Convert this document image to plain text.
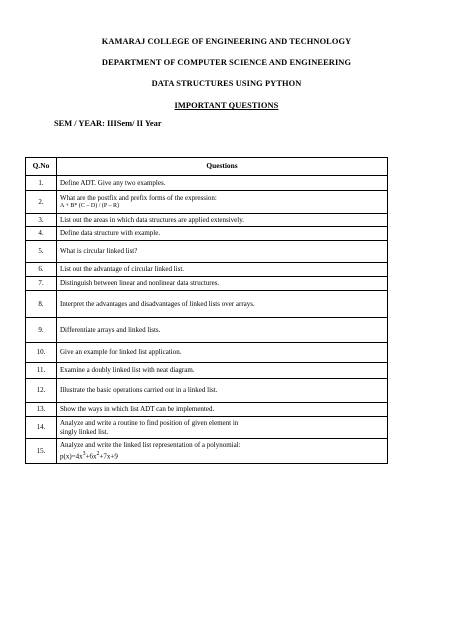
KAMARAJ COLLEGE OF ENGINEERING AND TECHNOLOGY
DEPARTMENT OF COMPUTER SCIENCE AND ENGINEERING
DATA STRUCTURES USING PYTHON
IMPORTANT QUESTIONS
SEM / YEAR: IIISem/ II Year
Q.No	Questions
1.	Define ADT. Give any two examples.
2.	What are the postfix and prefix forms of the expression:
A + B* (C – D) / (P – R)

3.	List out the areas in which data structures are applied extensively.
4.	Define data structure with example.
5.	What is circular linked list?
6.	List out the advantage of circular linked list.
7.	Distinguish between linear and nonlinear data structures.
8.	Interpret the advantages and disadvantages of linked lists over arrays.
9.	Differentiate arrays and linked lists.
10.	Give an example for linked list application.
11.	Examine a doubly linked list with neat diagram.
12.	Illustrate the basic operations carried out in a linked list.
13.	Show the ways in which list ADT can be implemented.
14.	Analyze and write a routine to find position of given element in
singly linked list.

15.	Analyze and write the linked list representation of a polynomial:
$p(x)=4x^3+6x^2+7x+9$
